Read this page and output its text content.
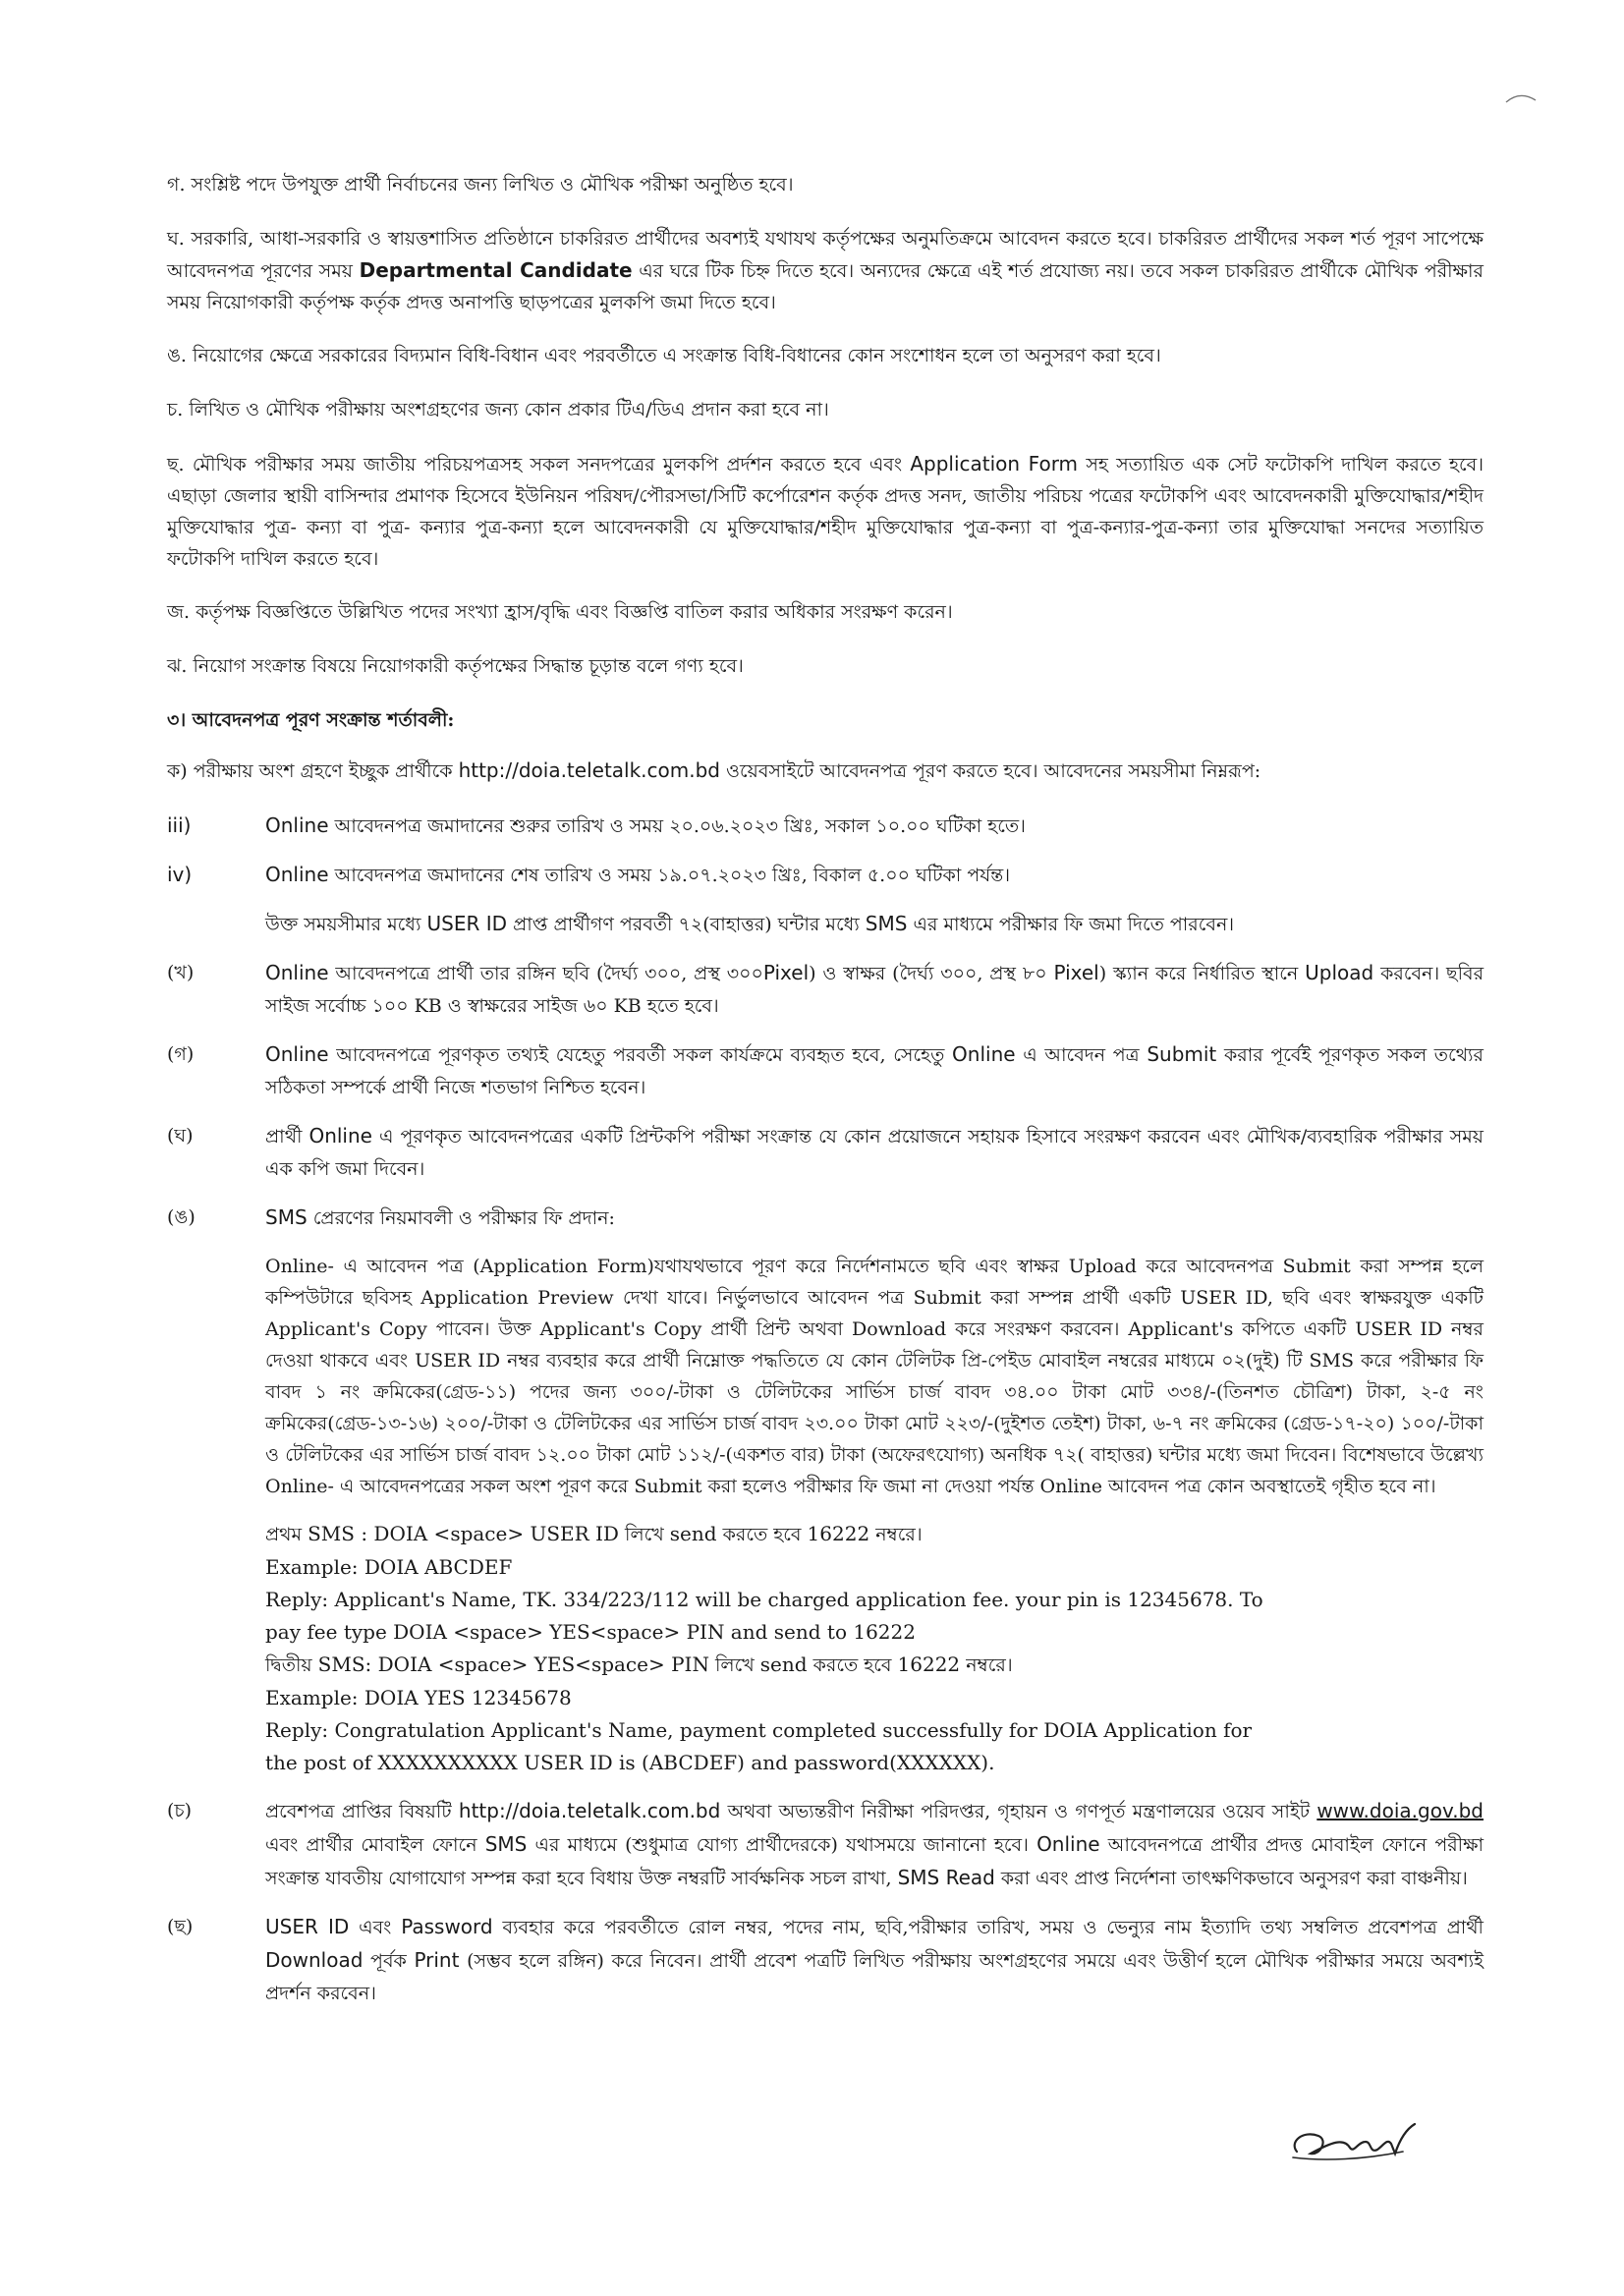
গ. সংশ্লিষ্ট পদে উপযুক্ত প্রার্থী নির্বাচনের জন্য লিখিত ও মৌখিক পরীক্ষা অনুষ্ঠিত হবে।

ঘ. সরকারি, আধা-সরকারি ও স্বায়ত্তশাসিত প্রতিষ্ঠানে চাকরিরত প্রার্থীদের অবশ্যই যথাযথ কর্তৃপক্ষের অনুমতিক্রমে আবেদন করতে হবে। চাকরিরত প্রার্থীদের সকল শর্ত পূরণ সাপেক্ষে আবেদনপত্র পূরণের সময় Departmental Candidate এর ঘরে টিক চিহ্ন দিতে হবে। অন্যদের ক্ষেত্রে এই শর্ত প্রযোজ্য নয়। তবে সকল চাকরিরত প্রার্থীকে মৌখিক পরীক্ষার সময় নিয়োগকারী কর্তৃপক্ষ কর্তৃক প্রদত্ত অনাপত্তি ছাড়পত্রের মুলকপি জমা দিতে হবে।

ঙ. নিয়োগের ক্ষেত্রে সরকারের বিদ্যমান বিধি-বিধান এবং পরবর্তীতে এ সংক্রান্ত বিধি-বিধানের কোন সংশোধন হলে তা অনুসরণ করা হবে।

চ. লিখিত ও মৌখিক পরীক্ষায় অংশগ্রহণের জন্য কোন প্রকার টিএ/ডিএ প্রদান করা হবে না।

ছ. মৌখিক পরীক্ষার সময় জাতীয় পরিচয়পত্রসহ সকল সনদপত্রের মুলকপি প্রর্দশন করতে হবে এবং Application Form সহ সত্যায়িত এক সেট ফটোকপি দাখিল করতে হবে। এছাড়া জেলার স্থায়ী বাসিন্দার প্রমাণক হিসেবে ইউনিয়ন পরিষদ/পৌরসভা/সিটি কর্পোরেশন কর্তৃক প্রদত্ত সনদ, জাতীয় পরিচয় পত্রের ফটোকপি এবং আবেদনকারী মুক্তিযোদ্ধার/শহীদ মুক্তিযোদ্ধার পুত্র- কন্যা বা পুত্র- কন্যার পুত্র-কন্যা হলে আবেদনকারী যে মুক্তিযোদ্ধার/শহীদ মুক্তিযোদ্ধার পুত্র-কন্যা বা পুত্র-কন্যার-পুত্র-কন্যা তার মুক্তিযোদ্ধা সনদের সত্যায়িত ফটোকপি দাখিল করতে হবে।

জ. কর্তৃপক্ষ বিজ্ঞপ্তিতে উল্লিখিত পদের সংখ্যা হ্রাস/বৃদ্ধি এবং বিজ্ঞপ্তি বাতিল করার অধিকার সংরক্ষণ করেন।

ঝ. নিয়োগ সংক্রান্ত বিষয়ে নিয়োগকারী কর্তৃপক্ষের সিদ্ধান্ত চূড়ান্ত বলে গণ্য হবে।

৩। আবেদনপত্র পূরণ সংক্রান্ত শর্তাবলী:

ক) পরীক্ষায় অংশ গ্রহণে ইচ্ছুক প্রার্থীকে http://doia.teletalk.com.bd ওয়েবসাইটে আবেদনপত্র পূরণ করতে হবে। আবেদনের সময়সীমা নিম্নরূপ:

iii)	Online আবেদনপত্র জমাদানের শুরুর তারিখ ও সময় ২০.০৬.২০২৩ খ্রিঃ, সকাল ১০.০০ ঘটিকা হতে।
iv)	Online আবেদনপত্র জমাদানের শেষ তারিখ ও সময় ১৯.০৭.২০২৩ খ্রিঃ, বিকাল ৫.০০ ঘটিকা পর্যন্ত।

উক্ত সময়সীমার মধ্যে USER ID প্রাপ্ত প্রার্থীগণ পরবর্তী ৭২(বাহাত্তর) ঘন্টার মধ্যে SMS এর মাধ্যমে পরীক্ষার ফি জমা দিতে পারবেন।

(খ)	Online আবেদনপত্রে প্রার্থী তার রঙ্গিন ছবি (দৈর্ঘ্য ৩০০, প্রস্থ ৩০০Pixel) ও স্বাক্ষর (দৈর্ঘ্য ৩০০, প্রস্থ ৮০ Pixel) স্ক্যান করে নির্ধারিত স্থানে Upload করবেন। ছবির সাইজ সর্বোচ্চ ১০০ KB ও স্বাক্ষরের সাইজ ৬০ KB হতে হবে।
(গ)	Online আবেদনপত্রে পূরণকৃত তথ্যই যেহেতু পরবর্তী সকল কার্যক্রমে ব্যবহৃত হবে, সেহেতু Online এ আবেদন পত্র Submit করার পূর্বেই পূরণকৃত সকল তথ্যের সঠিকতা সম্পর্কে প্রার্থী নিজে শতভাগ নিশ্চিত হবেন।
(ঘ)	প্রার্থী Online এ পূরণকৃত আবেদনপত্রের একটি প্রিন্টকপি পরীক্ষা সংক্রান্ত যে কোন প্রয়োজনে সহায়ক হিসাবে সংরক্ষণ করবেন এবং মৌখিক/ব্যবহারিক পরীক্ষার সময় এক কপি জমা দিবেন।
(ঙ)	SMS প্রেরণের নিয়মাবলী ও পরীক্ষার ফি প্রদান:

Online- এ আবেদন পত্র (Application Form)যথাযথভাবে পূরণ করে নির্দেশনামতে ছবি এবং স্বাক্ষর Upload করে আবেদনপত্র Submit করা সম্পন্ন হলে কম্পিউটারে ছবিসহ Application Preview দেখা যাবে। নির্ভুলভাবে আবেদন পত্র Submit করা সম্পন্ন প্রার্থী একটি USER ID, ছবি এবং স্বাক্ষরযুক্ত একটি Applicant's Copy পাবেন। উক্ত Applicant's Copy প্রার্থী প্রিন্ট অথবা Download করে সংরক্ষণ করবেন। Applicant's কপিতে একটি USER ID নম্বর দেওয়া থাকবে এবং USER ID নম্বর ব্যবহার করে প্রার্থী নিম্নোক্ত পদ্ধতিতে যে কোন টেলিটক প্রি-পেইড মোবাইল নম্বরের মাধ্যমে ০২(দুই) টি SMS করে পরীক্ষার ফি বাবদ ১ নং ক্রমিকের(গ্রেড-১১) পদের জন্য ৩০০/-টাকা ও টেলিটকের সার্ভিস চার্জ বাবদ ৩৪.০০ টাকা মোট ৩৩৪/-(তিনশত চৌত্রিশ) টাকা, ২-৫ নং ক্রমিকের(গ্রেড-১৩-১৬) ২০০/-টাকা ও টেলিটকের এর সার্ভিস চার্জ বাবদ ২৩.০০ টাকা মোট ২২৩/-(দুইশত তেইশ) টাকা, ৬-৭ নং ক্রমিকের (গ্রেড-১৭-২০) ১০০/-টাকা ও টেলিটকের এর সার্ভিস চার্জ বাবদ ১২.০০ টাকা মোট ১১২/-(একশত বার) টাকা (অফেরৎযোগ্য) অনধিক ৭২( বাহাত্তর) ঘন্টার মধ্যে জমা দিবেন। বিশেষভাবে উল্লেখ্য Online- এ আবেদনপত্রের সকল অংশ পূরণ করে Submit করা হলেও পরীক্ষার ফি জমা না দেওয়া পর্যন্ত Online আবেদন পত্র কোন অবস্থাতেই গৃহীত হবে না।

প্রথম SMS : DOIA <space> USER ID লিখে send করতে হবে 16222 নম্বরে।
Example: DOIA ABCDEF
Reply: Applicant's Name, TK. 334/223/112 will be charged application fee. your pin is 12345678. To
pay fee type DOIA <space> YES<space> PIN and send to 16222
দ্বিতীয় SMS: DOIA <space> YES<space> PIN লিখে send করতে হবে 16222 নম্বরে।
Example: DOIA YES 12345678
Reply: Congratulation Applicant's Name, payment completed successfully for DOIA Application for
the post of XXXXXXXXXX USER ID is (ABCDEF) and password(XXXXXX).
(চ)	প্রবেশপত্র প্রাপ্তির বিষয়টি http://doia.teletalk.com.bd অথবা অভ্যন্তরীণ নিরীক্ষা পরিদপ্তর, গৃহায়ন ও গণপূর্ত মন্ত্রণালয়ের ওয়েব সাইট www.doia.gov.bd এবং প্রার্থীর মোবাইল ফোনে SMS এর মাধ্যমে (শুধুমাত্র যোগ্য প্রার্থীদেরকে) যথাসময়ে জানানো হবে। Online আবেদনপত্রে প্রার্থীর প্রদত্ত মোবাইল ফোনে পরীক্ষা সংক্রান্ত যাবতীয় যোগাযোগ সম্পন্ন করা হবে বিধায় উক্ত নম্বরটি সার্বক্ষনিক সচল রাখা, SMS Read করা এবং প্রাপ্ত নির্দেশনা তাৎক্ষণিকভাবে অনুসরণ করা বাঞ্চনীয়।
(ছ)	USER ID এবং Password ব্যবহার করে পরবর্তীতে রোল নম্বর, পদের নাম, ছবি,পরীক্ষার তারিখ, সময় ও ভেন্যুর নাম ইত্যাদি তথ্য সম্বলিত প্রবেশপত্র প্রার্থী Download পূর্বক Print (সম্ভব হলে রঙ্গিন) করে নিবেন। প্রার্থী প্রবেশ পত্রটি লিখিত পরীক্ষায় অংশগ্রহণের সময়ে এবং উত্তীর্ণ হলে মৌখিক পরীক্ষার সময়ে অবশ্যই প্রদর্শন করবেন।
